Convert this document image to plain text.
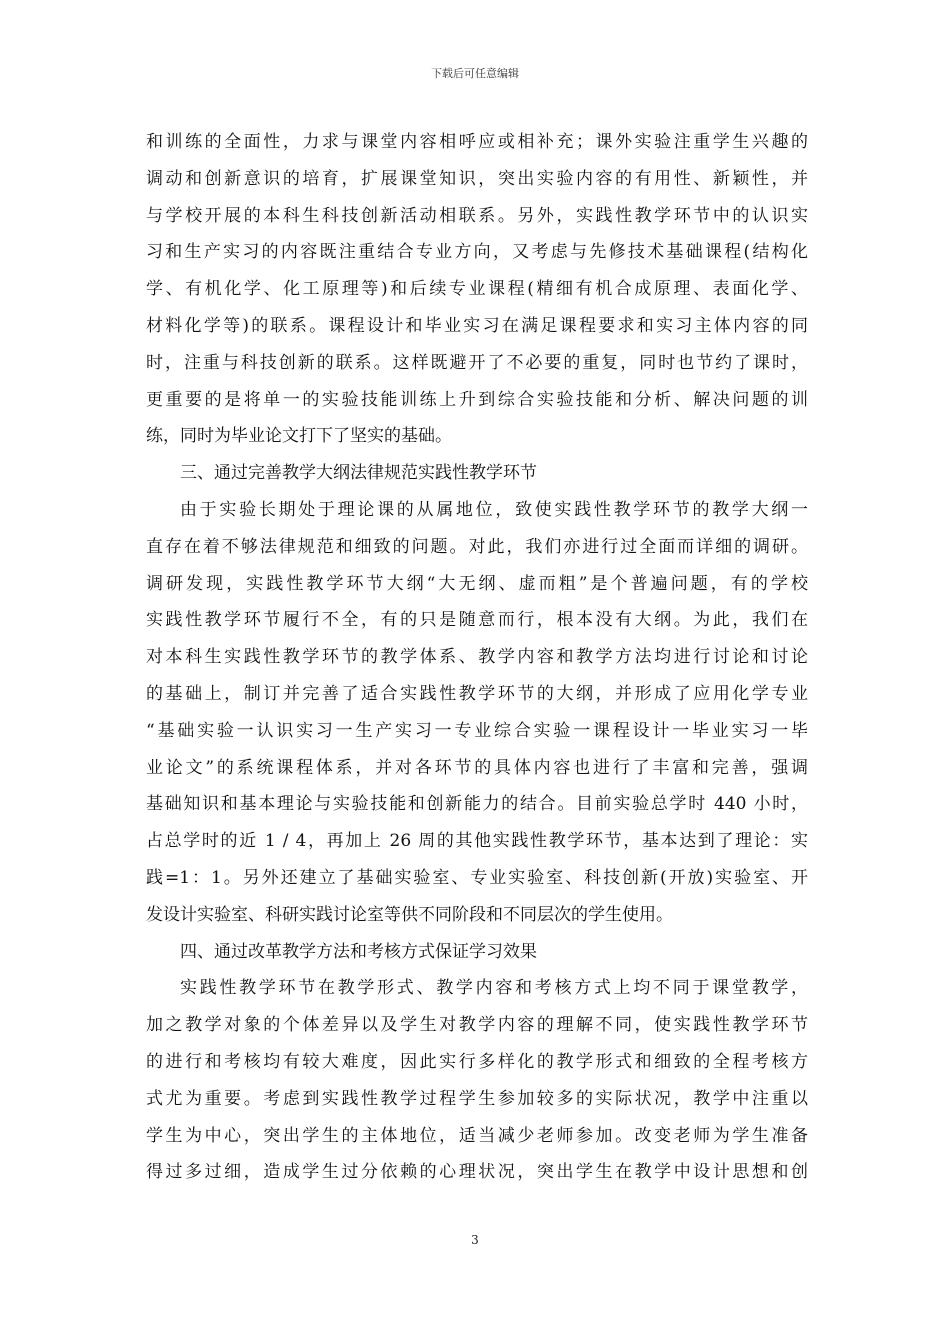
下载后可任意编辑
和训练的全面性，力求与课堂内容相呼应或相补充；课外实验注重学生兴趣的
调动和创新意识的培育，扩展课堂知识，突出实验内容的有用性、新颖性，并
与学校开展的本科生科技创新活动相联系。另外，实践性教学环节中的认识实
习和生产实习的内容既注重结合专业方向，又考虑与先修技术基础课程(结构化
学、有机化学、化工原理等)和后续专业课程(精细有机合成原理、表面化学、
材料化学等)的联系。课程设计和毕业实习在满足课程要求和实习主体内容的同
时，注重与科技创新的联系。这样既避开了不必要的重复，同时也节约了课时，
更重要的是将单一的实验技能训练上升到综合实验技能和分析、解决问题的训
练，同时为毕业论文打下了坚实的基础。
三、通过完善教学大纲法律规范实践性教学环节
由于实验长期处于理论课的从属地位，致使实践性教学环节的教学大纲一
直存在着不够法律规范和细致的问题。对此，我们亦进行过全面而详细的调研。
调研发现，实践性教学环节大纲“大无纲、虚而粗”是个普遍问题，有的学校
实践性教学环节履行不全，有的只是随意而行，根本没有大纲。为此，我们在
对本科生实践性教学环节的教学体系、教学内容和教学方法均进行讨论和讨论
的基础上，制订并完善了适合实践性教学环节的大纲，并形成了应用化学专业
“基础实验一认识实习一生产实习一专业综合实验一课程设计一毕业实习一毕
业论文”的系统课程体系，并对各环节的具体内容也进行了丰富和完善，强调
基础知识和基本理论与实验技能和创新能力的结合。目前实验总学时 440 小时，
占总学时的近 1 / 4，再加上 26 周的其他实践性教学环节，基本达到了理论：实
践=1：1。另外还建立了基础实验室、专业实验室、科技创新(开放)实验室、开
发设计实验室、科研实践讨论室等供不同阶段和不同层次的学生使用。
四、通过改革教学方法和考核方式保证学习效果
实践性教学环节在教学形式、教学内容和考核方式上均不同于课堂教学，
加之教学对象的个体差异以及学生对教学内容的理解不同，使实践性教学环节
的进行和考核均有较大难度，因此实行多样化的教学形式和细致的全程考核方
式尤为重要。考虑到实践性教学过程学生参加较多的实际状况，教学中注重以
学生为中心，突出学生的主体地位，适当减少老师参加。改变老师为学生准备
得过多过细，造成学生过分依赖的心理状况，突出学生在教学中设计思想和创
3
